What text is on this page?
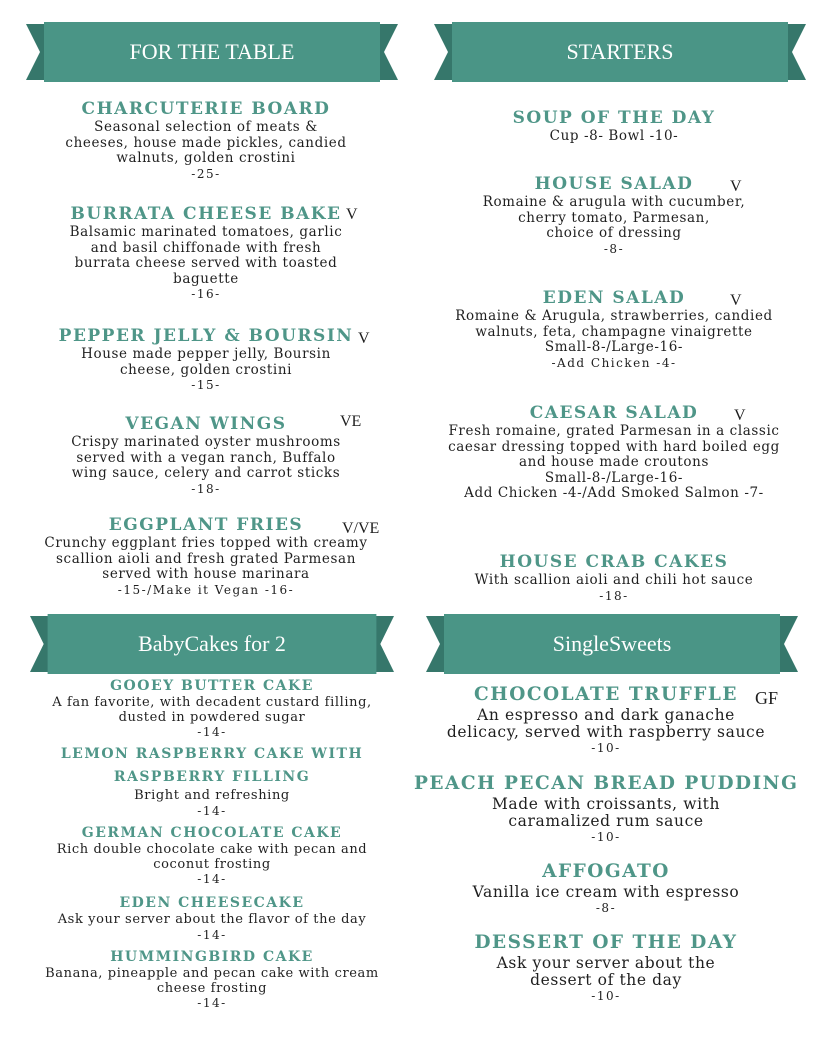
FOR THE TABLE
CHARCUTERIE BOARD
Seasonal selection of meats &
cheeses, house made pickles, candied
walnuts, golden crostini
-25-
BURRATA CHEESE BAKE
Balsamic marinated tomatoes, garlic
and basil chiffonade with fresh
burrata cheese served with toasted
baguette
-16-
V
PEPPER JELLY & BOURSIN
House made pepper jelly, Boursin
cheese, golden crostini
-15-
V
VEGAN WINGS
Crispy marinated oyster mushrooms
served with a vegan ranch, Buffalo
wing sauce, celery and carrot sticks
-18-
VE
EGGPLANT FRIES
Crunchy eggplant fries topped with creamy
scallion aioli and fresh grated Parmesan
served with house marinara
-15-/Make it Vegan -16-
V/VE
STARTERS
SOUP OF THE DAY
Cup -8- Bowl -10-
HOUSE SALAD
Romaine & arugula with cucumber,
cherry tomato, Parmesan,
choice of dressing
-8-
V
EDEN SALAD
Romaine & Arugula, strawberries, candied
walnuts, feta, champagne vinaigrette
Small-8-/Large-16-
-Add Chicken -4-
V
CAESAR SALAD
Fresh romaine, grated Parmesan in a classic
caesar dressing topped with hard boiled egg
and house made croutons
Small-8-/Large-16-
Add Chicken -4-/Add Smoked Salmon -7-
V
HOUSE CRAB CAKES
With scallion aioli and chili hot sauce
-18-
BabyCakes for 2
GOOEY BUTTER CAKE
A fan favorite, with decadent custard filling,
dusted in powdered sugar
-14-
LEMON RASPBERRY CAKE WITH
RASPBERRY FILLING
Bright and refreshing
-14-
GERMAN CHOCOLATE CAKE
Rich double chocolate cake with pecan and
coconut frosting
-14-
EDEN CHEESECAKE
Ask your server about the flavor of the day
-14-
HUMMINGBIRD CAKE
Banana, pineapple and pecan cake with cream
cheese frosting
-14-
SingleSweets
CHOCOLATE TRUFFLE
An espresso and dark ganache
delicacy, served with raspberry sauce
-10-
GF
PEACH PECAN BREAD PUDDING
Made with croissants, with
caramalized rum sauce
-10-
AFFOGATO
Vanilla ice cream with espresso
-8-
DESSERT OF THE DAY
Ask your server about the
dessert of the day
-10-
